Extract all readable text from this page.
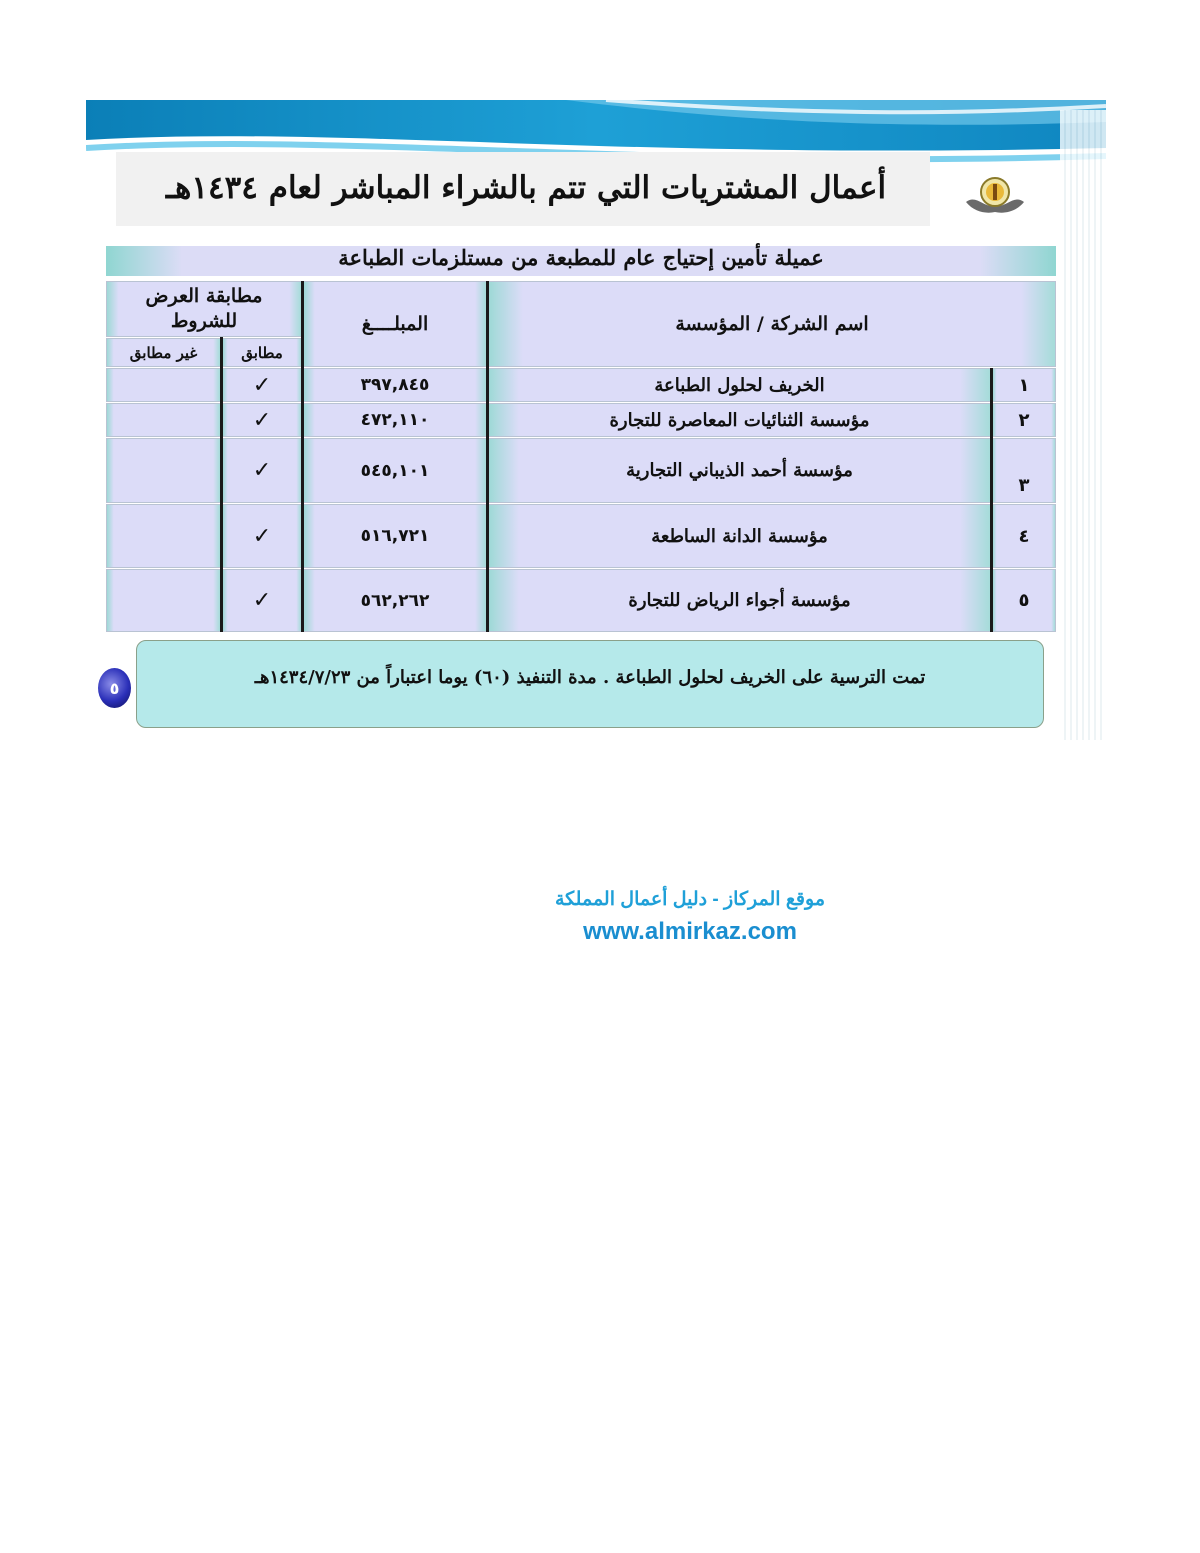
أعمال المشتريات التي تتم بالشراء المباشر لعام ١٤٣٤هـ
عميلة تأمين إحتياج عام للمطبعة من مستلزمات الطباعة
اسم الشركة / المؤسسة
المبلــــغ
مطابقة العرض للشروط
مطابق
غير مطابق
١
الخريف لحلول الطباعة
٣٩٧,٨٤٥
✓
٢
مؤسسة الثنائيات المعاصرة للتجارة
٤٧٢,١١٠
✓
٣
مؤسسة أحمد الذيباني التجارية
٥٤٥,١٠١
✓
٤
مؤسسة الدانة الساطعة
٥١٦,٧٢١
✓
٥
مؤسسة أجواء الرياض للتجارة
٥٦٢,٢٦٢
✓
تمت الترسية على الخريف لحلول الطباعة . مدة التنفيذ (٦٠) يوما اعتباراً من ١٤٣٤/٧/٢٣هـ
٥
موقع المركاز - دليل أعمال المملكة
www.almirkaz.com
